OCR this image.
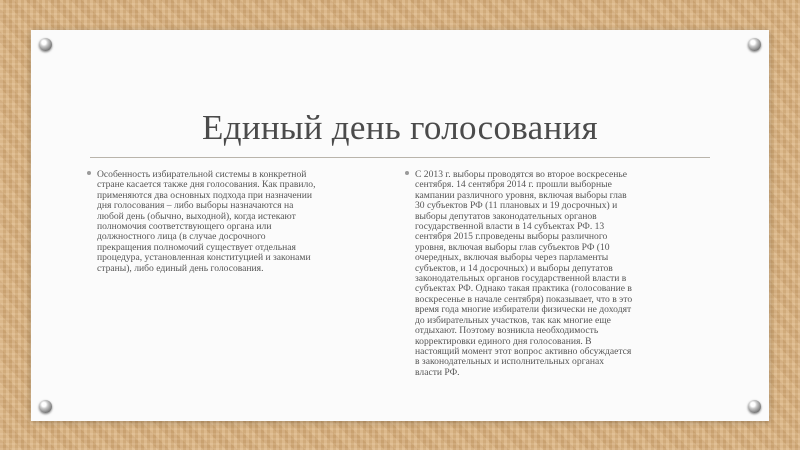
Единый день голосования

Особенность избирательной системы в конкретной
стране касается также дня голосования. Как правило,
применяются два основных подхода при назначении
дня голосования – либо выборы назначаются на
любой день (обычно, выходной), когда истекают
полномочия соответствующего органа или
должностного лица (в случае досрочного
прекращения полномочий существует отдельная
процедура, установленная конституцией и законами
страны), либо единый день голосования.

С 2013 г. выборы проводятся во второе воскресенье
сентября. 14 сентября 2014 г. прошли выборные
кампании различного уровня, включая выборы глав
30 субъектов РФ (11 плановых и 19 досрочных) и
выборы депутатов законодательных органов
государственной власти в 14 субъектах РФ. 13
сентября 2015 г.проведены выборы различного
уровня, включая выборы глав субъектов РФ (10
очередных, включая выборы через парламенты
субъектов, и 14 досрочных) и выборы депутатов
законодательных органов государственной власти в
субъектах РФ. Однако такая практика (голосование в
воскресенье в начале сентября) показывает, что в это
время года многие избиратели физически не доходят
до избирательных участков, так как многие еще
отдыхают. Поэтому возникла необходимость
корректировки единого дня голосования. В
настоящий момент этот вопрос активно обсуждается
в законодательных и исполнительных органах
власти РФ.
